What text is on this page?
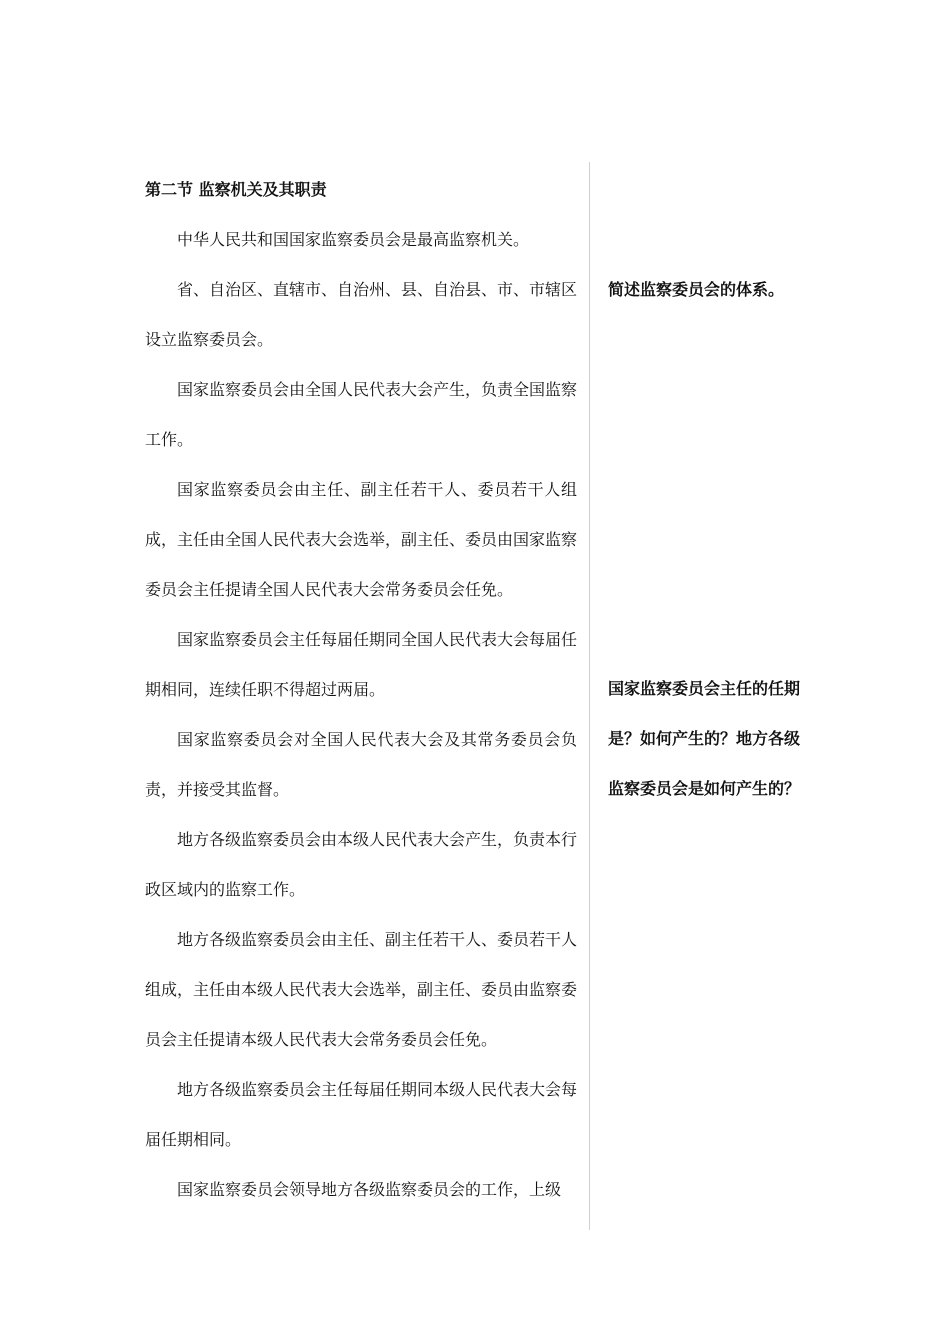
第二节 监察机关及其职责

中华人民共和国国家监察委员会是最高监察机关。

省、自治区、直辖市、自治州、县、自治县、市、市辖区设立监察委员会。

国家监察委员会由全国人民代表大会产生，负责全国监察工作。

国家监察委员会由主任、副主任若干人、委员若干人组成，主任由全国人民代表大会选举，副主任、委员由国家监察委员会主任提请全国人民代表大会常务委员会任免。

国家监察委员会主任每届任期同全国人民代表大会每届任期相同，连续任职不得超过两届。

国家监察委员会对全国人民代表大会及其常务委员会负责，并接受其监督。

地方各级监察委员会由本级人民代表大会产生，负责本行政区域内的监察工作。

地方各级监察委员会由主任、副主任若干人、委员若干人组成，主任由本级人民代表大会选举，副主任、委员由监察委员会主任提请本级人民代表大会常务委员会任免。

地方各级监察委员会主任每届任期同本级人民代表大会每届任期相同。

国家监察委员会领导地方各级监察委员会的工作，上级

简述监察委员会的体系。

国家监察委员会主任的任期是？如何产生的？地方各级监察委员会是如何产生的？
